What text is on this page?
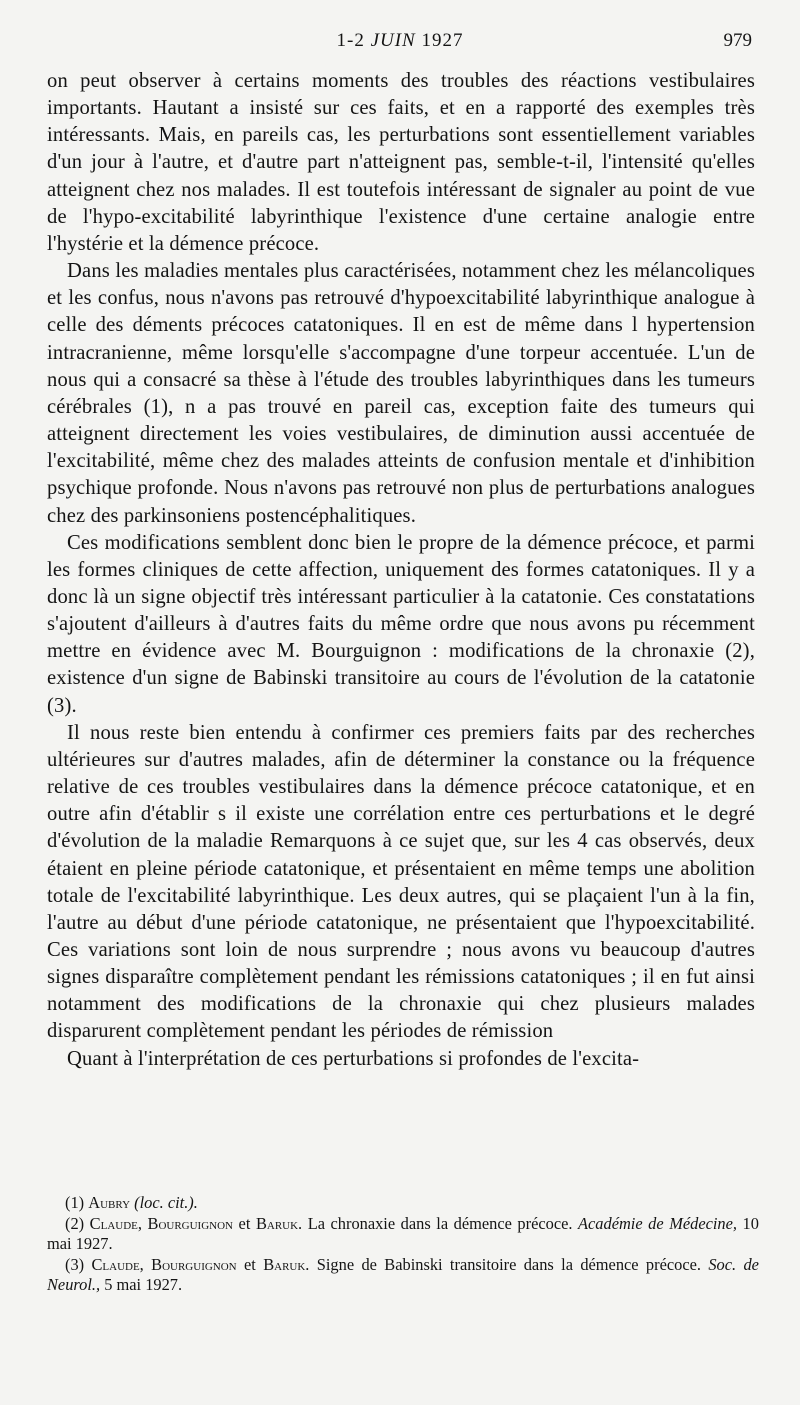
1-2 JUIN 1927	979

on peut observer à certains moments des troubles des réactions vestibulaires importants. Hautant a insisté sur ces faits, et en a rapporté des exemples très intéressants. Mais, en pareils cas, les perturbations sont essentiellement variables d'un jour à l'autre, et d'autre part n'atteignent pas, semble-t-il, l'intensité qu'elles atteignent chez nos malades. Il est toutefois intéressant de signaler au point de vue de l'hypo-excitabilité labyrinthique l'existence d'une certaine analogie entre l'hystérie et la démence précoce.

Dans les maladies mentales plus caractérisées, notamment chez les mélancoliques et les confus, nous n'avons pas retrouvé d'hypoexcitabilité labyrinthique analogue à celle des déments précoces catatoniques. Il en est de même dans l hypertension intracranienne, même lorsqu'elle s'accompagne d'une torpeur accentuée. L'un de nous qui a consacré sa thèse à l'étude des troubles labyrinthiques dans les tumeurs cérébrales (1), n a pas trouvé en pareil cas, exception faite des tumeurs qui atteignent directement les voies vestibulaires, de diminution aussi accentuée de l'excitabilité, même chez des malades atteints de confusion mentale et d'inhibition psychique profonde. Nous n'avons pas retrouvé non plus de perturbations analogues chez des parkinsoniens postencéphalitiques.

Ces modifications semblent donc bien le propre de la démence précoce, et parmi les formes cliniques de cette affection, uniquement des formes catatoniques. Il y a donc là un signe objectif très intéressant particulier à la catatonie. Ces constatations s'ajoutent d'ailleurs à d'autres faits du même ordre que nous avons pu récemment mettre en évidence avec M. Bourguignon : modifications de la chronaxie (2), existence d'un signe de Babinski transitoire au cours de l'évolution de la catatonie (3).

Il nous reste bien entendu à confirmer ces premiers faits par des recherches ultérieures sur d'autres malades, afin de déterminer la constance ou la fréquence relative de ces troubles vestibulaires dans la démence précoce catatonique, et en outre afin d'établir s il existe une corrélation entre ces perturbations et le degré d'évolution de la maladie Remarquons à ce sujet que, sur les 4 cas observés, deux étaient en pleine période catatonique, et présentaient en même temps une abolition totale de l'excitabilité labyrinthique. Les deux autres, qui se plaçaient l'un à la fin, l'autre au début d'une période catatonique, ne présentaient que l'hypoexcitabilité. Ces variations sont loin de nous surprendre ; nous avons vu beaucoup d'autres signes disparaître complètement pendant les rémissions catatoniques ; il en fut ainsi notamment des modifications de la chronaxie qui chez plusieurs malades disparurent complètement pendant les périodes de rémission

Quant à l'interprétation de ces perturbations si profondes de l'excita-

(1) Aubry (loc. cit.).

(2) Claude, Bourguignon et Baruk. La chronaxie dans la démence précoce. Académie de Médecine, 10 mai 1927.

(3) Claude, Bourguignon et Baruk. Signe de Babinski transitoire dans la démence précoce. Soc. de Neurol., 5 mai 1927.
